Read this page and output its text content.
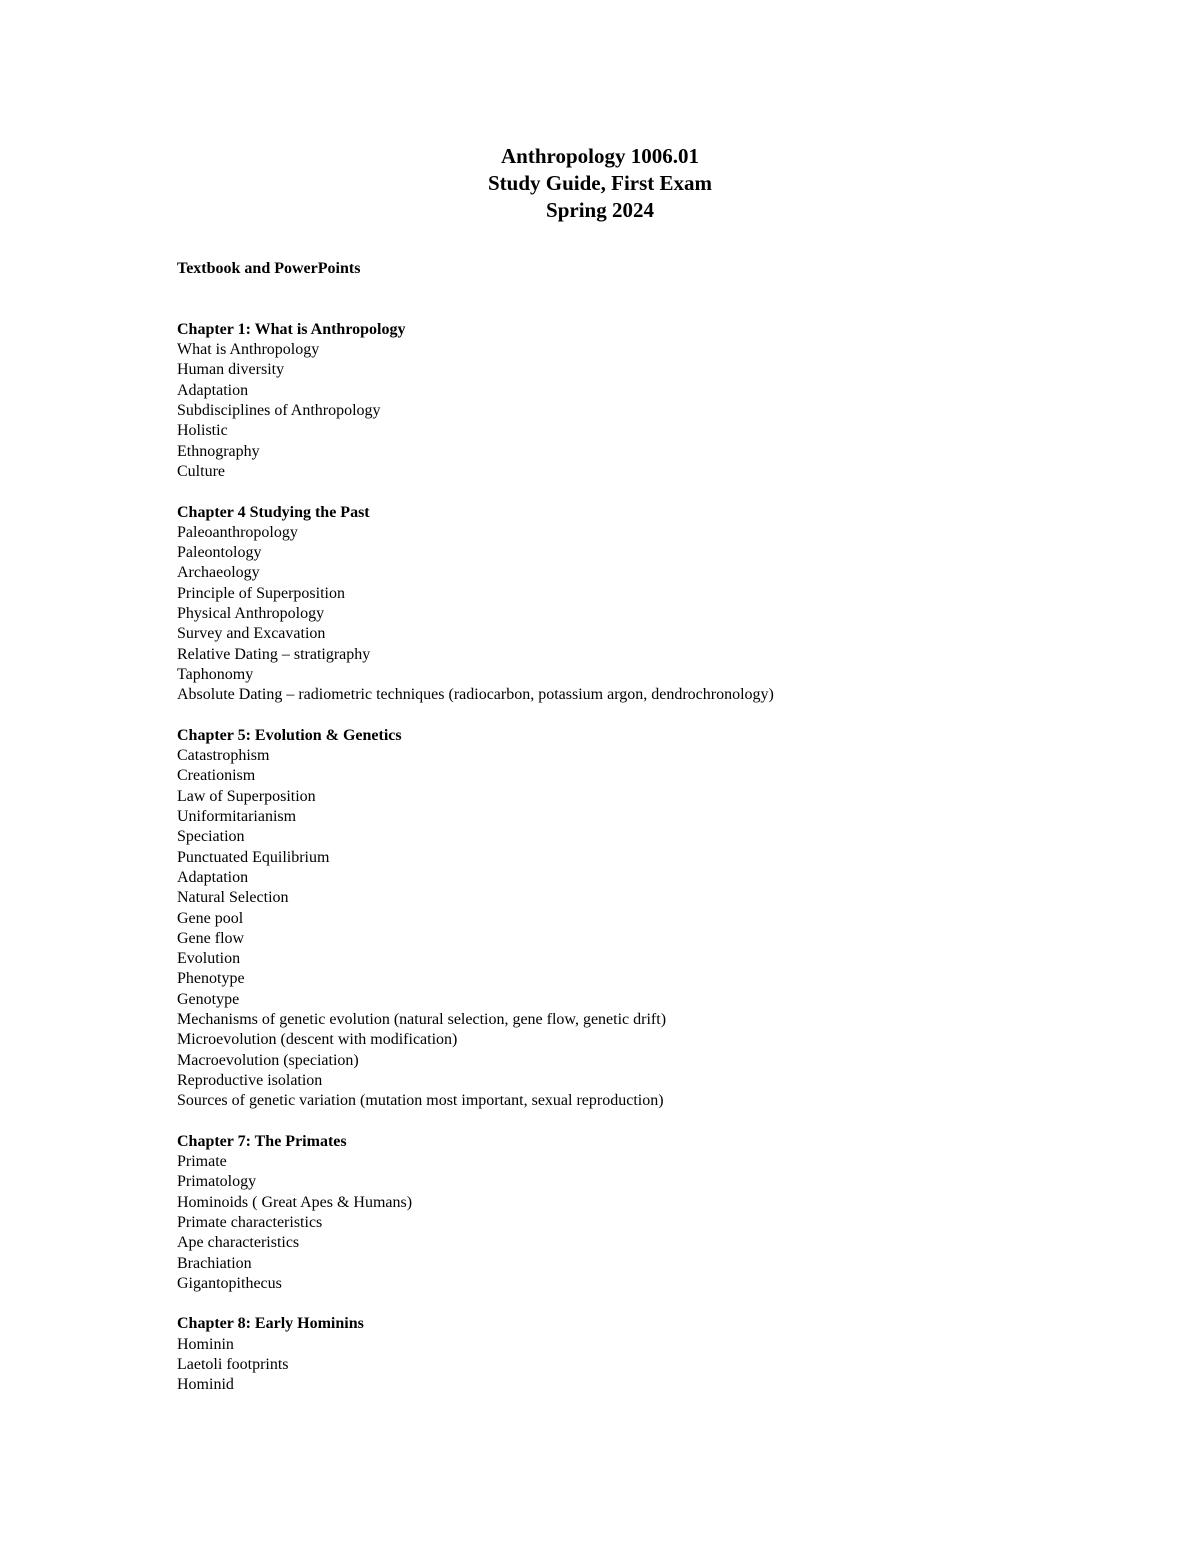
Anthropology 1006.01
Study Guide, First Exam
Spring 2024
Textbook and PowerPoints
Chapter 1: What is Anthropology
What is Anthropology
Human diversity
Adaptation
Subdisciplines of Anthropology
Holistic
Ethnography
Culture
Chapter 4 Studying the Past
Paleoanthropology
Paleontology
Archaeology
Principle of Superposition
Physical Anthropology
Survey and Excavation
Relative Dating – stratigraphy
Taphonomy
Absolute Dating – radiometric techniques (radiocarbon, potassium argon, dendrochronology)
Chapter 5: Evolution & Genetics
Catastrophism
Creationism
Law of Superposition
Uniformitarianism
Speciation
Punctuated Equilibrium
Adaptation
Natural Selection
Gene pool
Gene flow
Evolution
Phenotype
Genotype
Mechanisms of genetic evolution (natural selection, gene flow, genetic drift)
Microevolution (descent with modification)
Macroevolution (speciation)
Reproductive isolation
Sources of genetic variation (mutation most important, sexual reproduction)
Chapter 7: The Primates
Primate
Primatology
Hominoids ( Great Apes & Humans)
Primate characteristics
Ape characteristics
Brachiation
Gigantopithecus
Chapter 8: Early Hominins
Hominin
Laetoli footprints
Hominid
